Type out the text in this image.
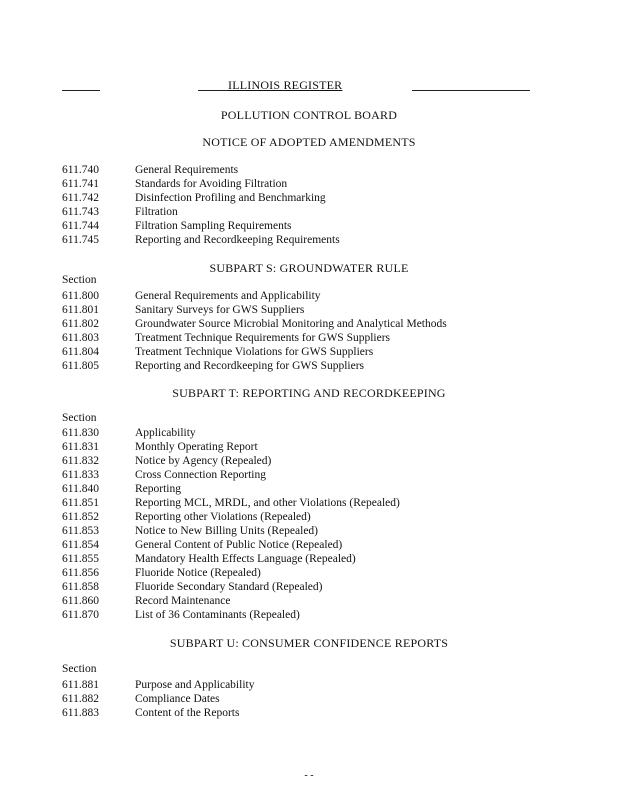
ILLINOIS REGISTER
POLLUTION CONTROL BOARD
NOTICE OF ADOPTED AMENDMENTS
611.740	General Requirements
611.741	Standards for Avoiding Filtration
611.742	Disinfection Profiling and Benchmarking
611.743	Filtration
611.744	Filtration Sampling Requirements
611.745	Reporting and Recordkeeping Requirements
SUBPART S: GROUNDWATER RULE
Section
611.800	General Requirements and Applicability
611.801	Sanitary Surveys for GWS Suppliers
611.802	Groundwater Source Microbial Monitoring and Analytical Methods
611.803	Treatment Technique Requirements for GWS Suppliers
611.804	Treatment Technique Violations for GWS Suppliers
611.805	Reporting and Recordkeeping for GWS Suppliers
SUBPART T: REPORTING AND RECORDKEEPING
Section
611.830	Applicability
611.831	Monthly Operating Report
611.832	Notice by Agency (Repealed)
611.833	Cross Connection Reporting
611.840	Reporting
611.851	Reporting MCL, MRDL, and other Violations (Repealed)
611.852	Reporting other Violations (Repealed)
611.853	Notice to New Billing Units (Repealed)
611.854	General Content of Public Notice (Repealed)
611.855	Mandatory Health Effects Language (Repealed)
611.856	Fluoride Notice (Repealed)
611.858	Fluoride Secondary Standard (Repealed)
611.860	Record Maintenance
611.870	List of 36 Contaminants (Repealed)
SUBPART U: CONSUMER CONFIDENCE REPORTS
Section
611.881	Purpose and Applicability
611.882	Compliance Dates
611.883	Content of the Reports
- -
